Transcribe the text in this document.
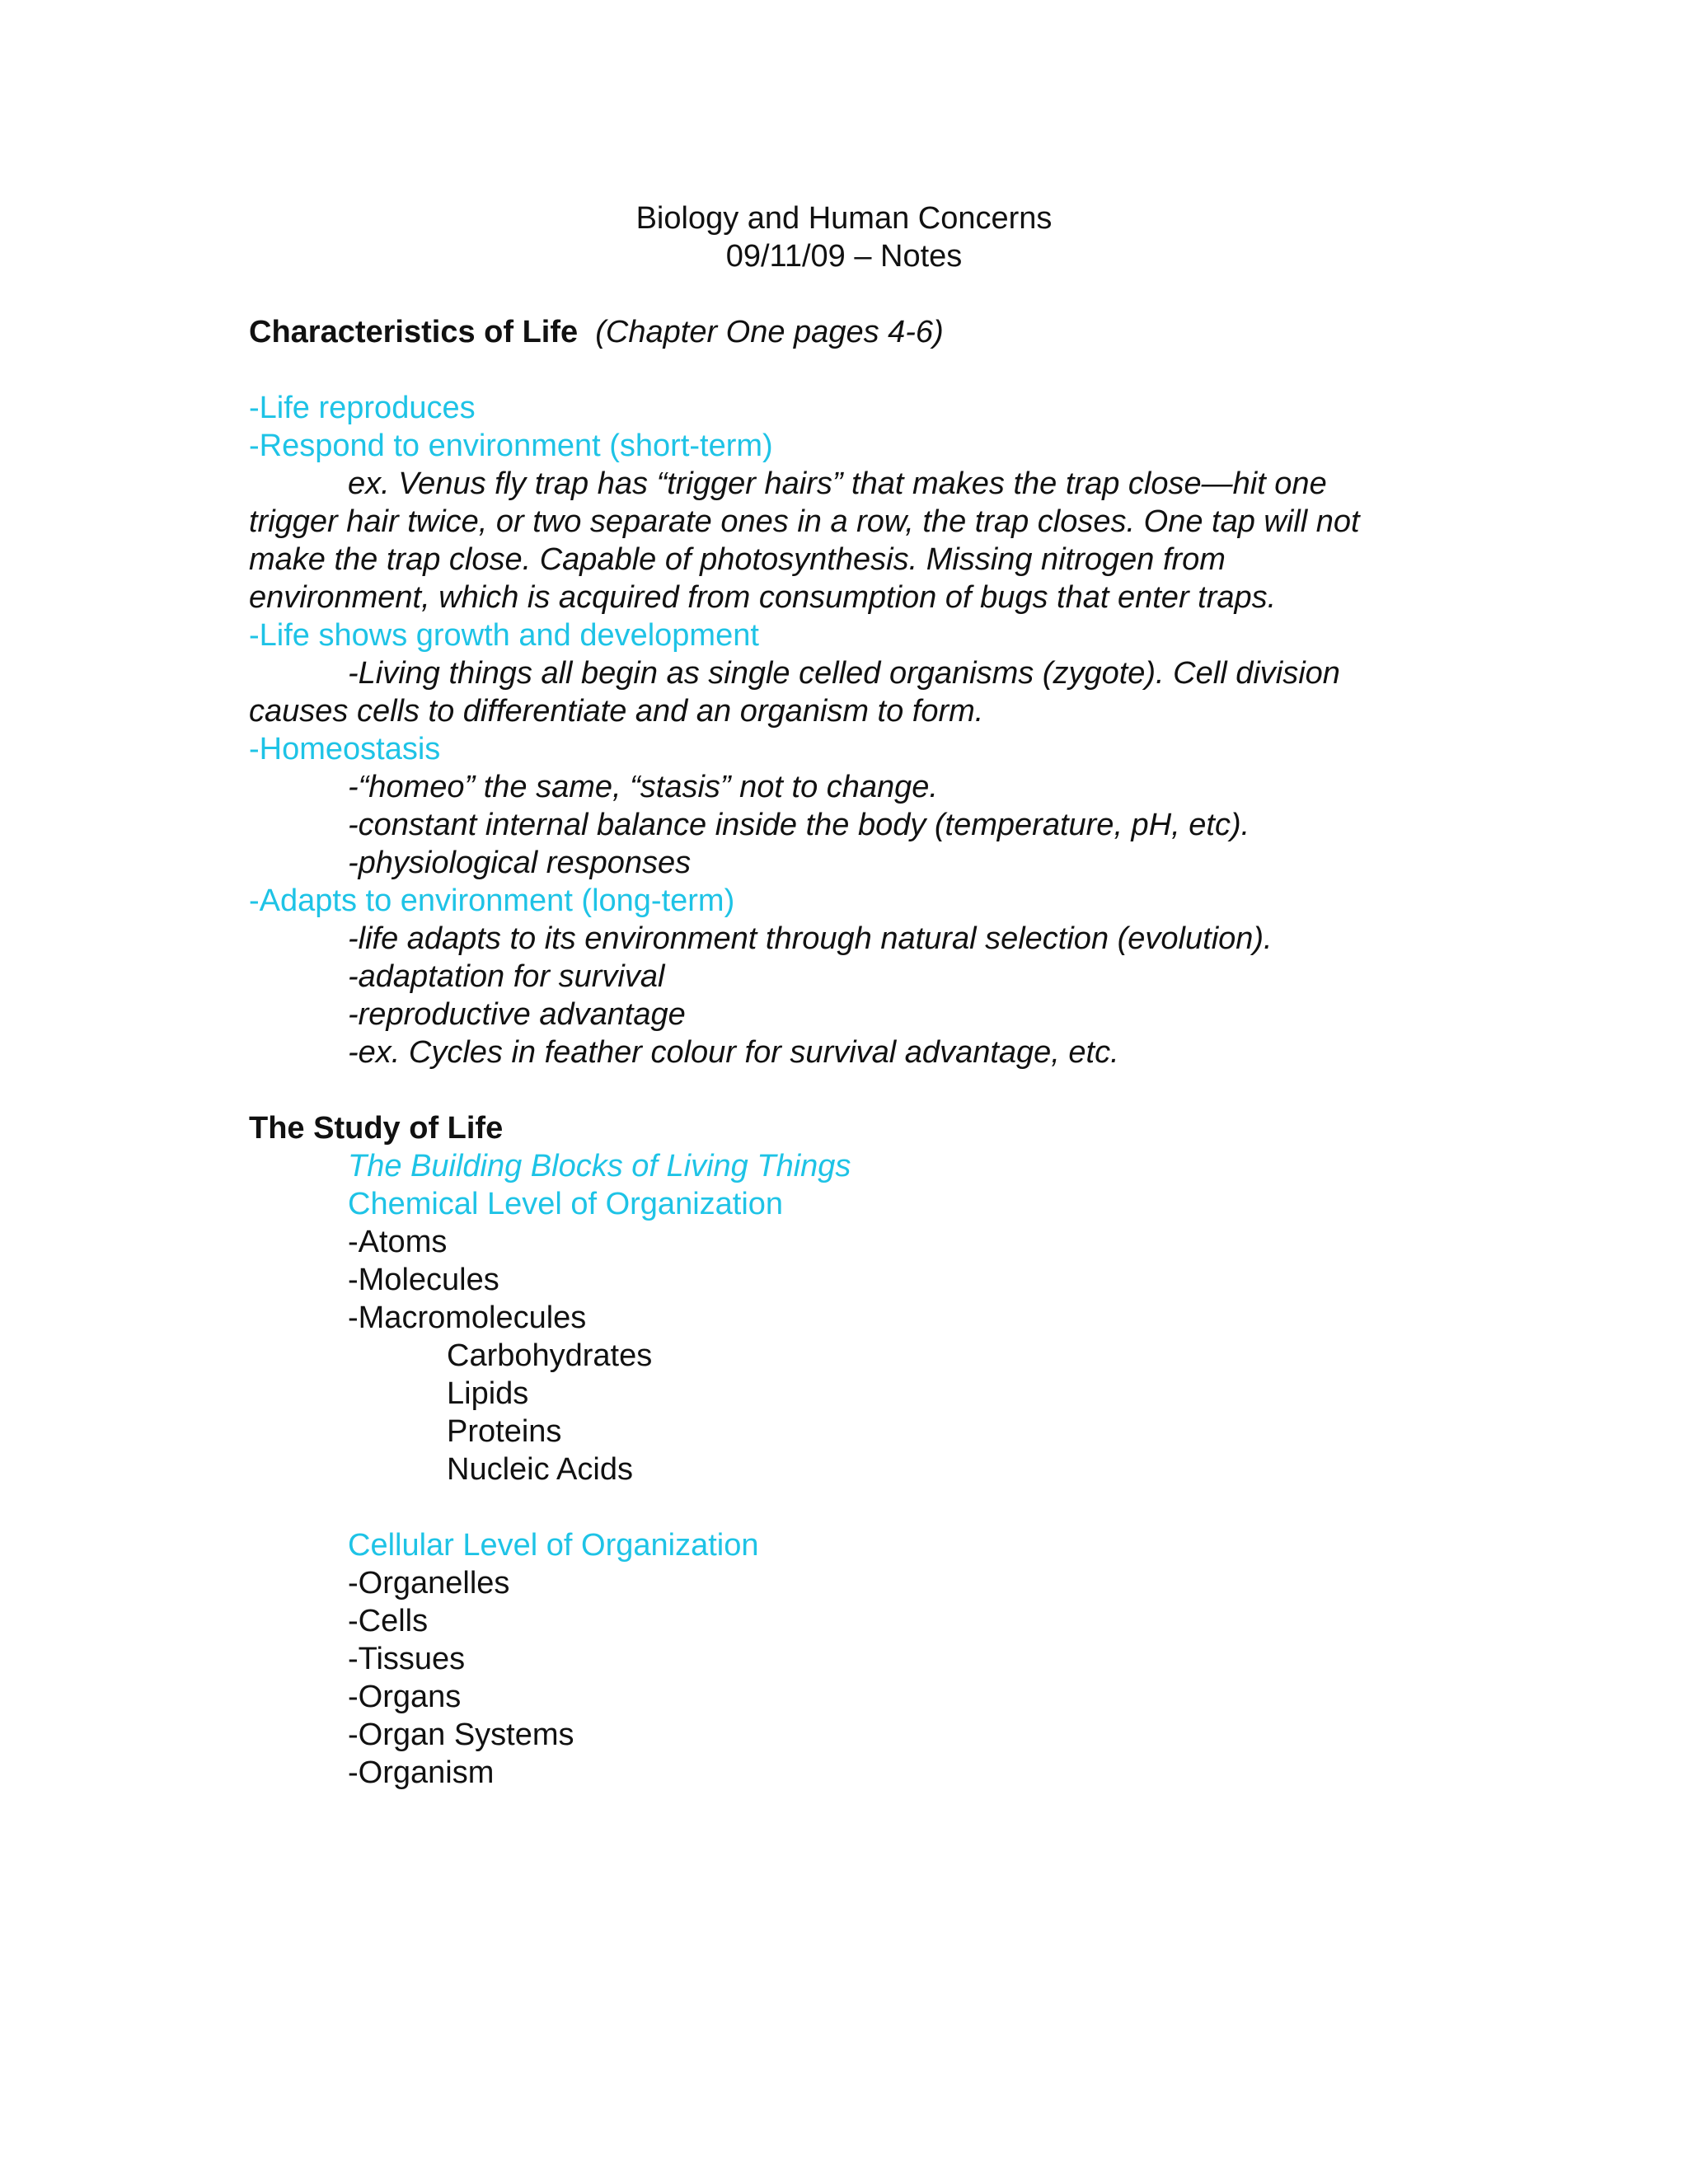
Biology and Human Concerns
09/11/09 – Notes
Characteristics of Life (Chapter One pages 4-6)
-Life reproduces
-Respond to environment (short-term)
ex. Venus fly trap has “trigger hairs” that makes the trap close—hit one
trigger hair twice, or two separate ones in a row, the trap closes. One tap will not
make the trap close. Capable of photosynthesis. Missing nitrogen from
environment, which is acquired from consumption of bugs that enter traps.
-Life shows growth and development
-Living things all begin as single celled organisms (zygote). Cell division
causes cells to differentiate and an organism to form.
-Homeostasis
-“homeo” the same, “stasis” not to change.
-constant internal balance inside the body (temperature, pH, etc).
-physiological responses
-Adapts to environment (long-term)
-life adapts to its environment through natural selection (evolution).
-adaptation for survival
-reproductive advantage
-ex. Cycles in feather colour for survival advantage, etc.
The Study of Life
The Building Blocks of Living Things
Chemical Level of Organization
-Atoms
-Molecules
-Macromolecules
Carbohydrates
Lipids
Proteins
Nucleic Acids
Cellular Level of Organization
-Organelles
-Cells
-Tissues
-Organs
-Organ Systems
-Organism
